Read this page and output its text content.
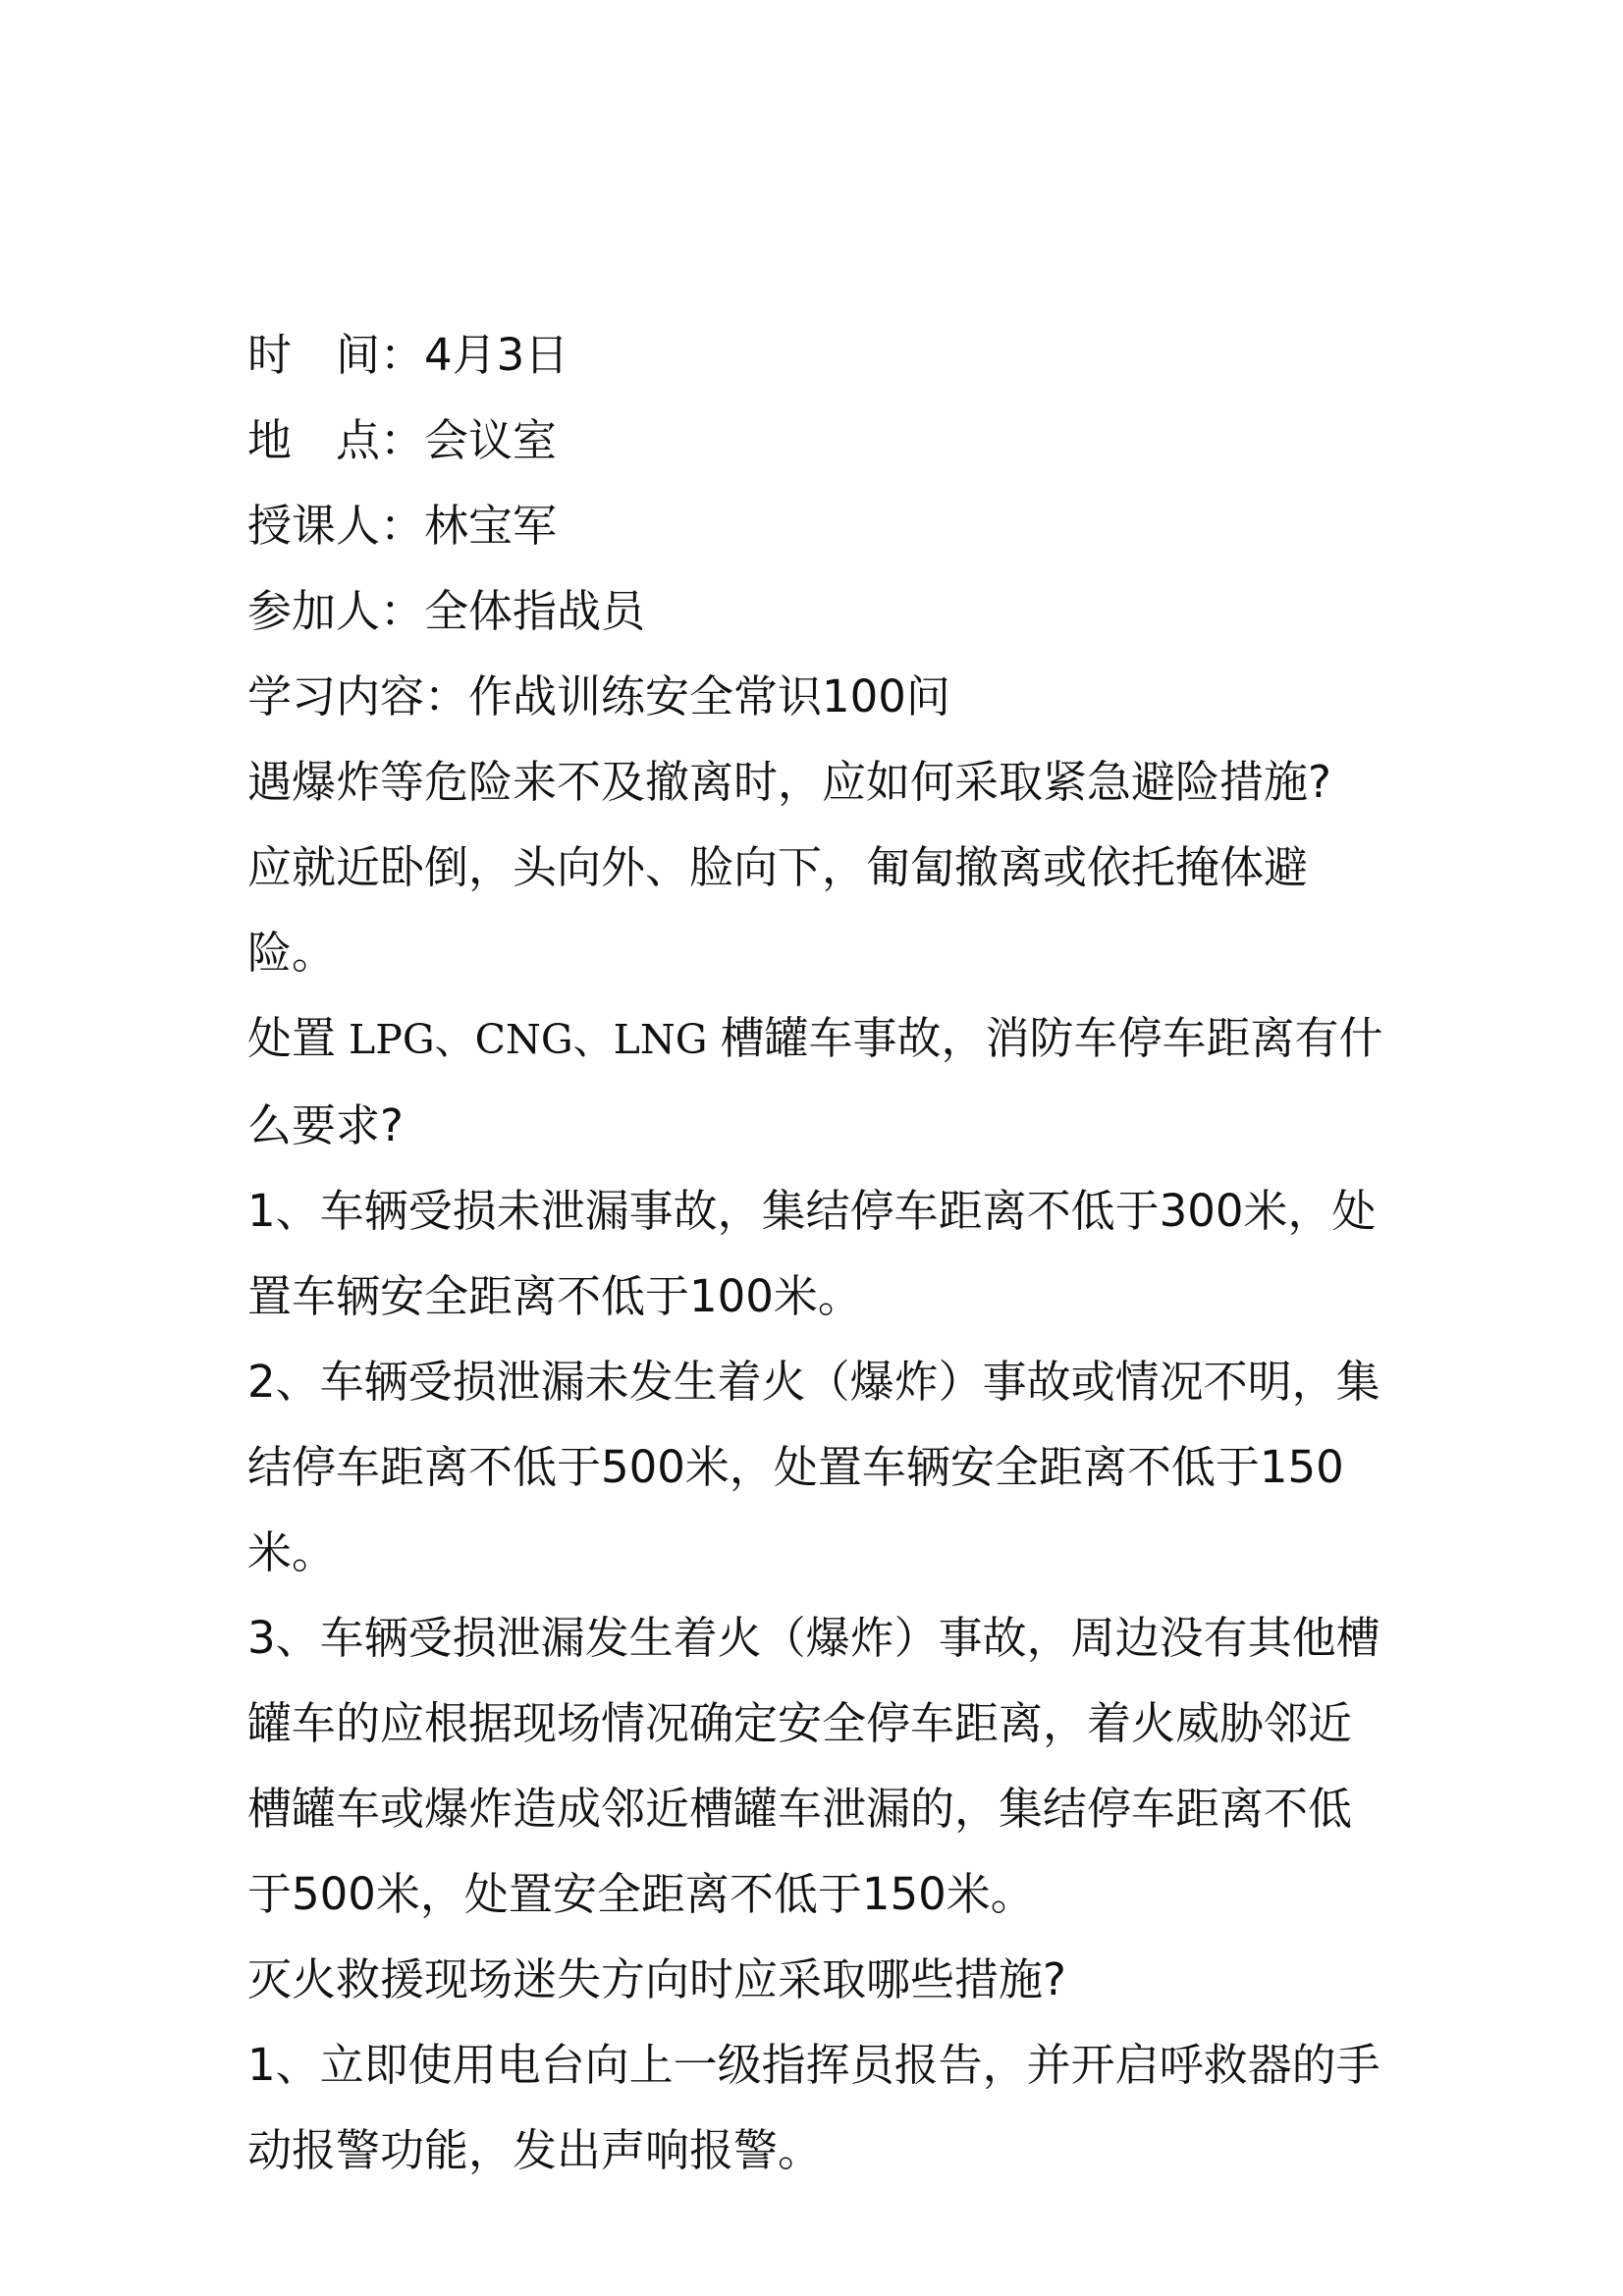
时　间：4月3日
地　点：会议室
授课人：林宝军
参加人：全体指战员
学习内容：作战训练安全常识100问
遇爆炸等危险来不及撤离时，应如何采取紧急避险措施?
应就近卧倒，头向外、脸向下，匍匐撤离或依托掩体避险。
处置 LPG、CNG、LNG 槽罐车事故，消防车停车距离有什么要求?
1、车辆受损未泄漏事故，集结停车距离不低于300米，处置车辆安全距离不低于100米。
2、车辆受损泄漏未发生着火（爆炸）事故或情况不明，集结停车距离不低于500米，处置车辆安全距离不低于150米。
3、车辆受损泄漏发生着火（爆炸）事故，周边没有其他槽罐车的应根据现场情况确定安全停车距离，着火威胁邻近槽罐车或爆炸造成邻近槽罐车泄漏的，集结停车距离不低于500米，处置安全距离不低于150米。
灭火救援现场迷失方向时应采取哪些措施?
1、立即使用电台向上一级指挥员报告，并开启呼救器的手动报警功能，发出声响报警。
